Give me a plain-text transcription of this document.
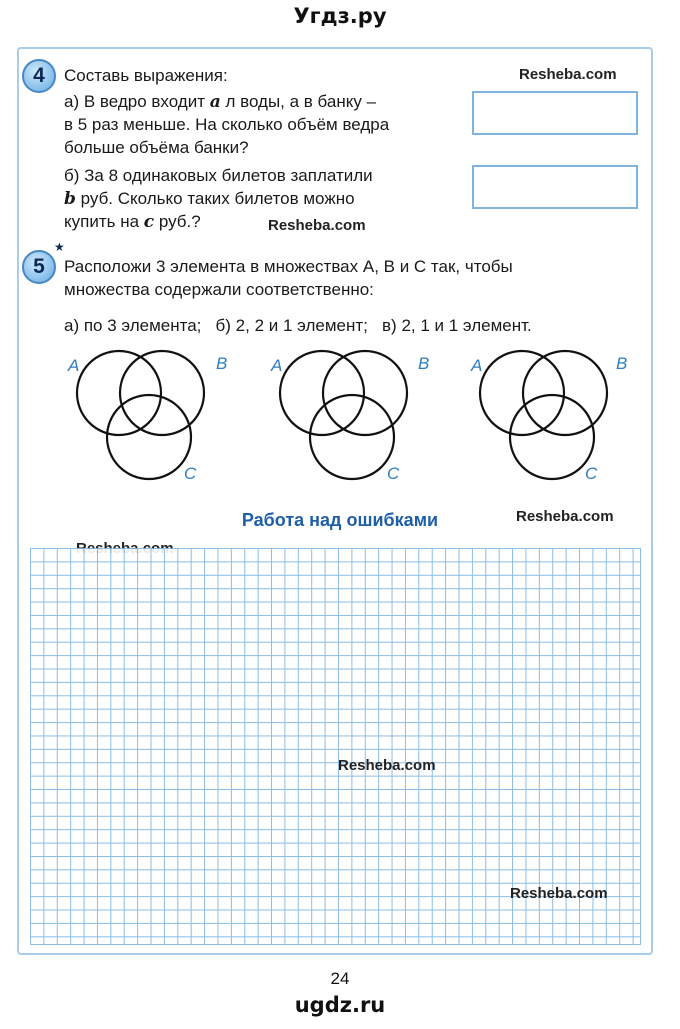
Угдз.ру
4	Составь выражения:
а) В ведро входит a л воды, а в банку –
в 5 раз меньше. На сколько объём ведра
больше объёма банки?
б) За 8 одинаковых билетов заплатили
b руб. Сколько таких билетов можно
купить на c руб.?
Resheba.com
Resheba.com
★
5	Расположи 3 элемента в множествах A, B и C так, чтобы
множества содержали соответственно:
а) по 3 элемента;   б) 2, 2 и 1 элемент;   в) 2, 1 и 1 элемент.
A	B
C
A	B
C
A	B
C
Работа над ошибками	Resheba.com
Resheba.com
Resheba.com
24
ugdz.ru
